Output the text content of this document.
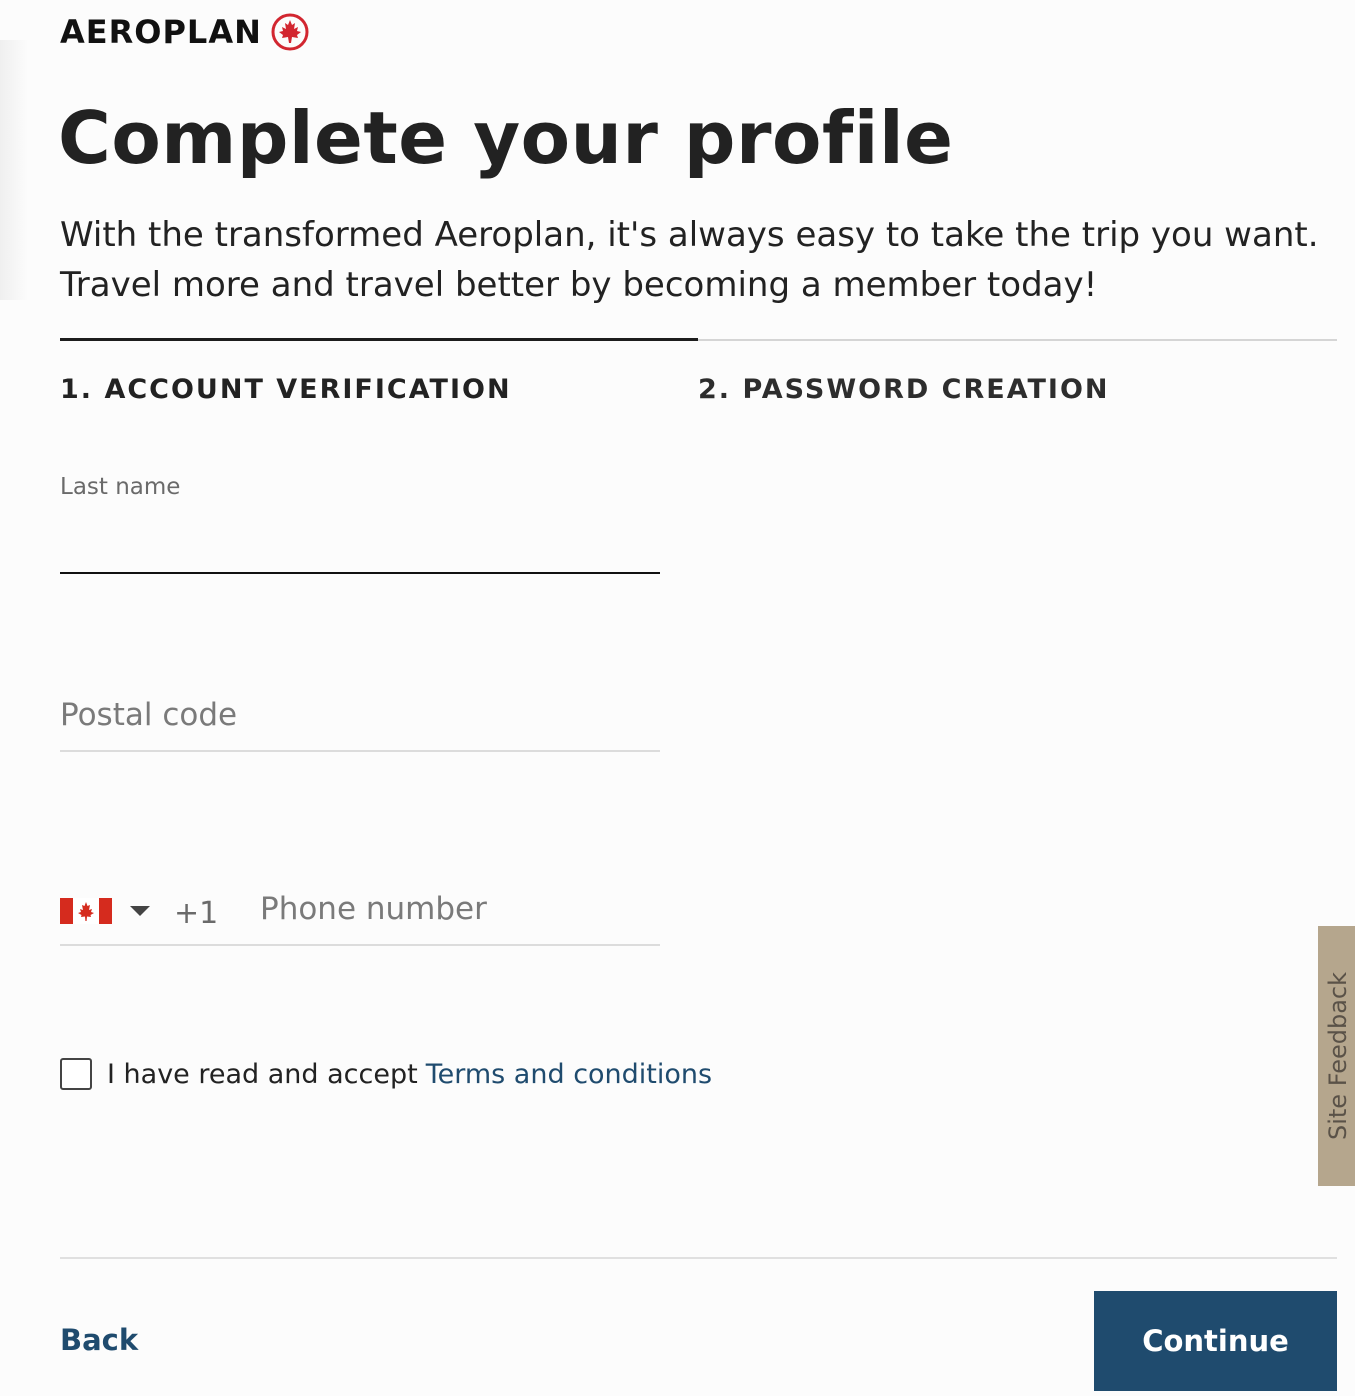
AEROPLAN
Complete your profile

With the transformed Aeroplan, it's always easy to take the trip you want. Travel more and travel better by becoming a member today!

1. ACCOUNT VERIFICATION	2. PASSWORD CREATION
Last name
Postal code
+1
Phone number
I have read and accept Terms and conditions	Site Feedback
Back	Continue
